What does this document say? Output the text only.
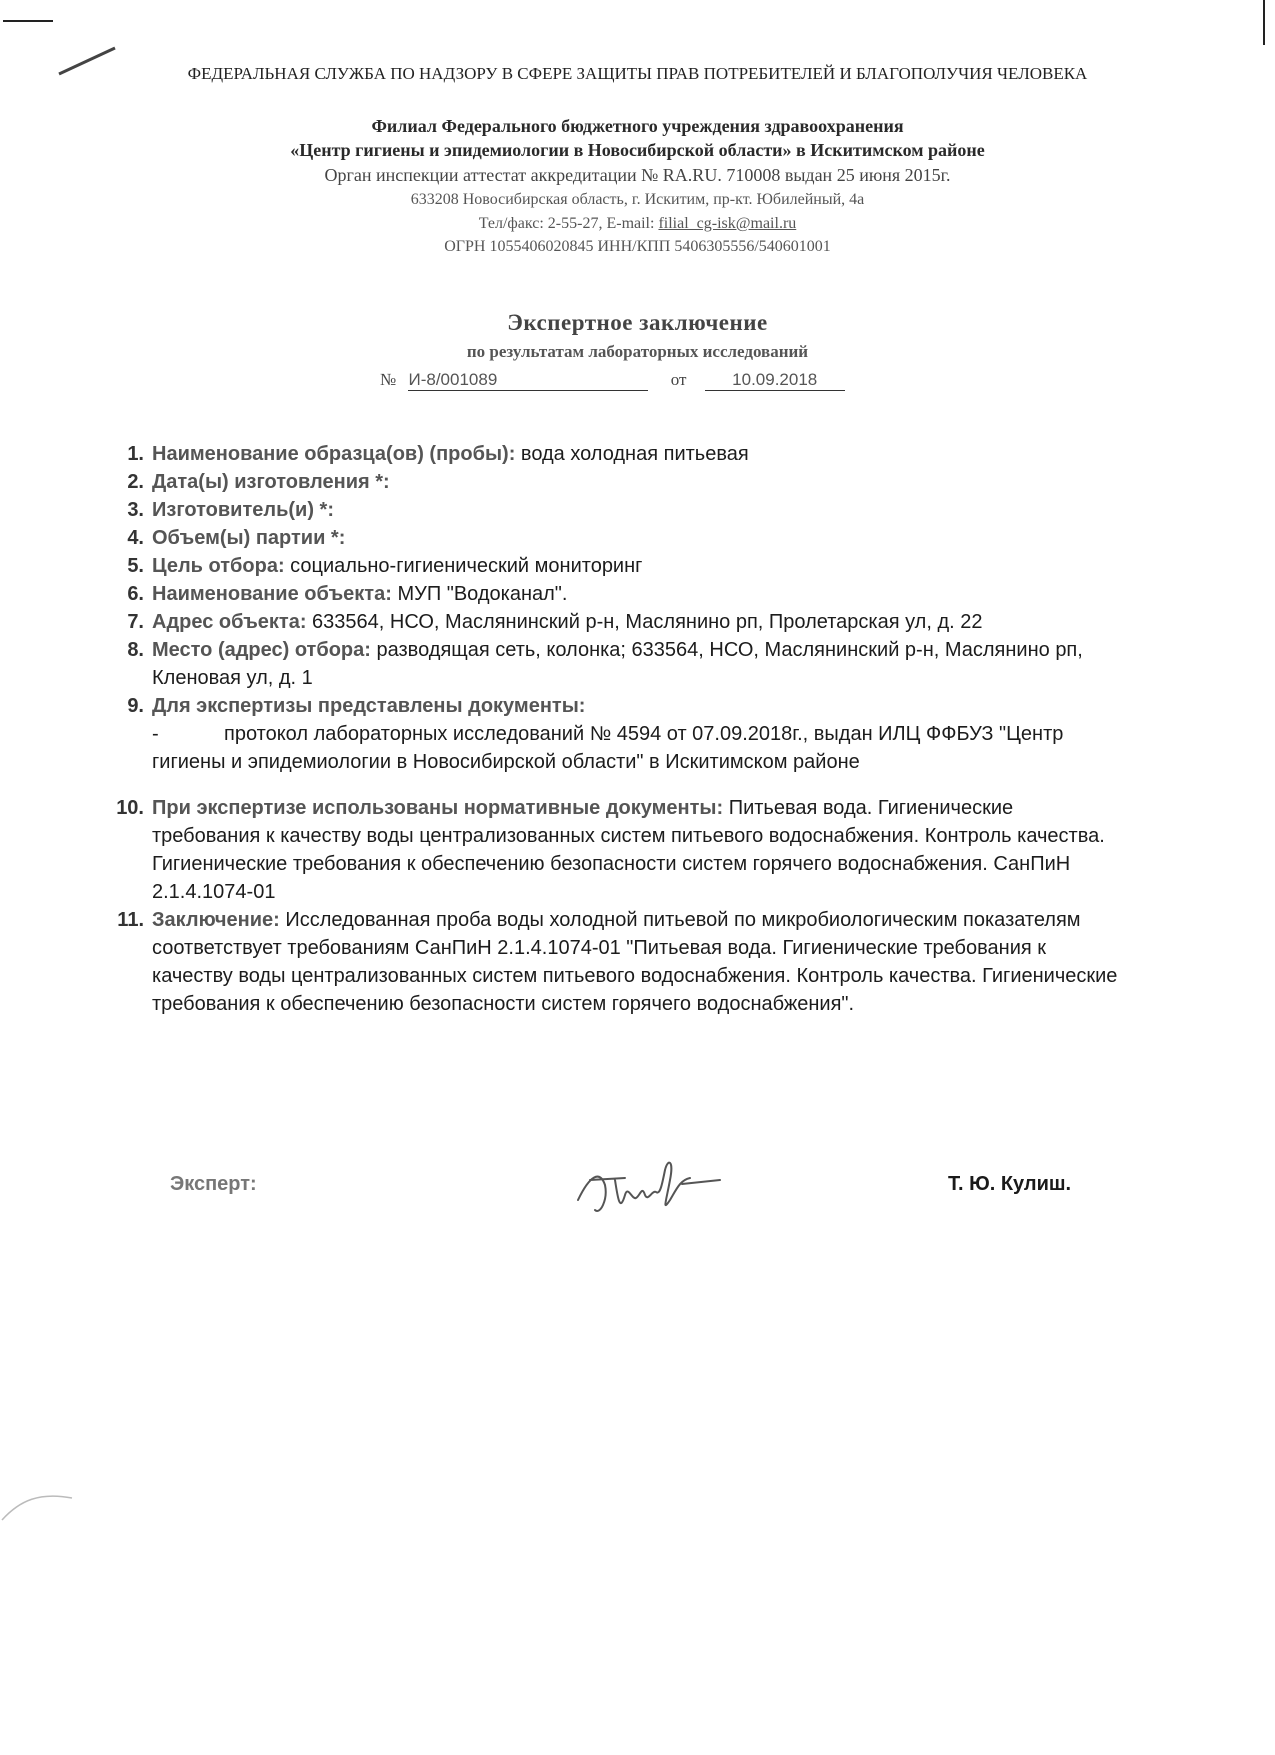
ФЕДЕРАЛЬНАЯ СЛУЖБА ПО НАДЗОРУ В СФЕРЕ ЗАЩИТЫ ПРАВ ПОТРЕБИТЕЛЕЙ И БЛАГОПОЛУЧИЯ ЧЕЛОВЕКА
Филиал Федерального бюджетного учреждения здравоохранения
«Центр гигиены и эпидемиологии в Новосибирской области» в Искитимском районе
Орган инспекции аттестат аккредитации № RA.RU. 710008 выдан 25 июня 2015г.
633208 Новосибирская область, г. Искитим, пр-кт. Юбилейный, 4а
Тел/факс: 2-55-27, E-mail: filial_cg-isk@mail.ru
ОГРН 1055406020845 ИНН/КПП 5406305556/540601001
Экспертное заключение
по результатам лабораторных исследований
№ И-8/001089	от	10.09.2018
1. Наименование образца(ов) (пробы): вода холодная питьевая
2. Дата(ы) изготовления *:
3. Изготовитель(и) *:
4. Объем(ы) партии *:
5. Цель отбора: социально-гигиенический мониторинг
6. Наименование объекта: МУП "Водоканал".
7. Адрес объекта: 633564, НСО, Маслянинский р-н, Маслянино рп, Пролетарская ул, д. 22
8. Место (адрес) отбора: разводящая сеть, колонка; 633564, НСО, Маслянинский р-н, Маслянино рп, Кленовая ул, д. 1
9. Для экспертизы представлены документы:
-	протокол лабораторных исследований № 4594 от 07.09.2018г., выдан ИЛЦ ФФБУЗ "Центр гигиены и эпидемиологии в Новосибирской области" в Искитимском районе
10. При экспертизе использованы нормативные документы: Питьевая вода. Гигиенические требования к качеству воды централизованных систем питьевого водоснабжения. Контроль качества. Гигиенические требования к обеспечению безопасности систем горячего водоснабжения. СанПиН 2.1.4.1074-01
11. Заключение: Исследованная проба воды холодной питьевой по микробиологическим показателям соответствует требованиям СанПиН 2.1.4.1074-01 "Питьевая вода. Гигиенические требования к качеству воды централизованных систем питьевого водоснабжения. Контроль качества. Гигиенические требования к обеспечению безопасности систем горячего водоснабжения".
Эксперт:	Т. Ю. Кулиш.
